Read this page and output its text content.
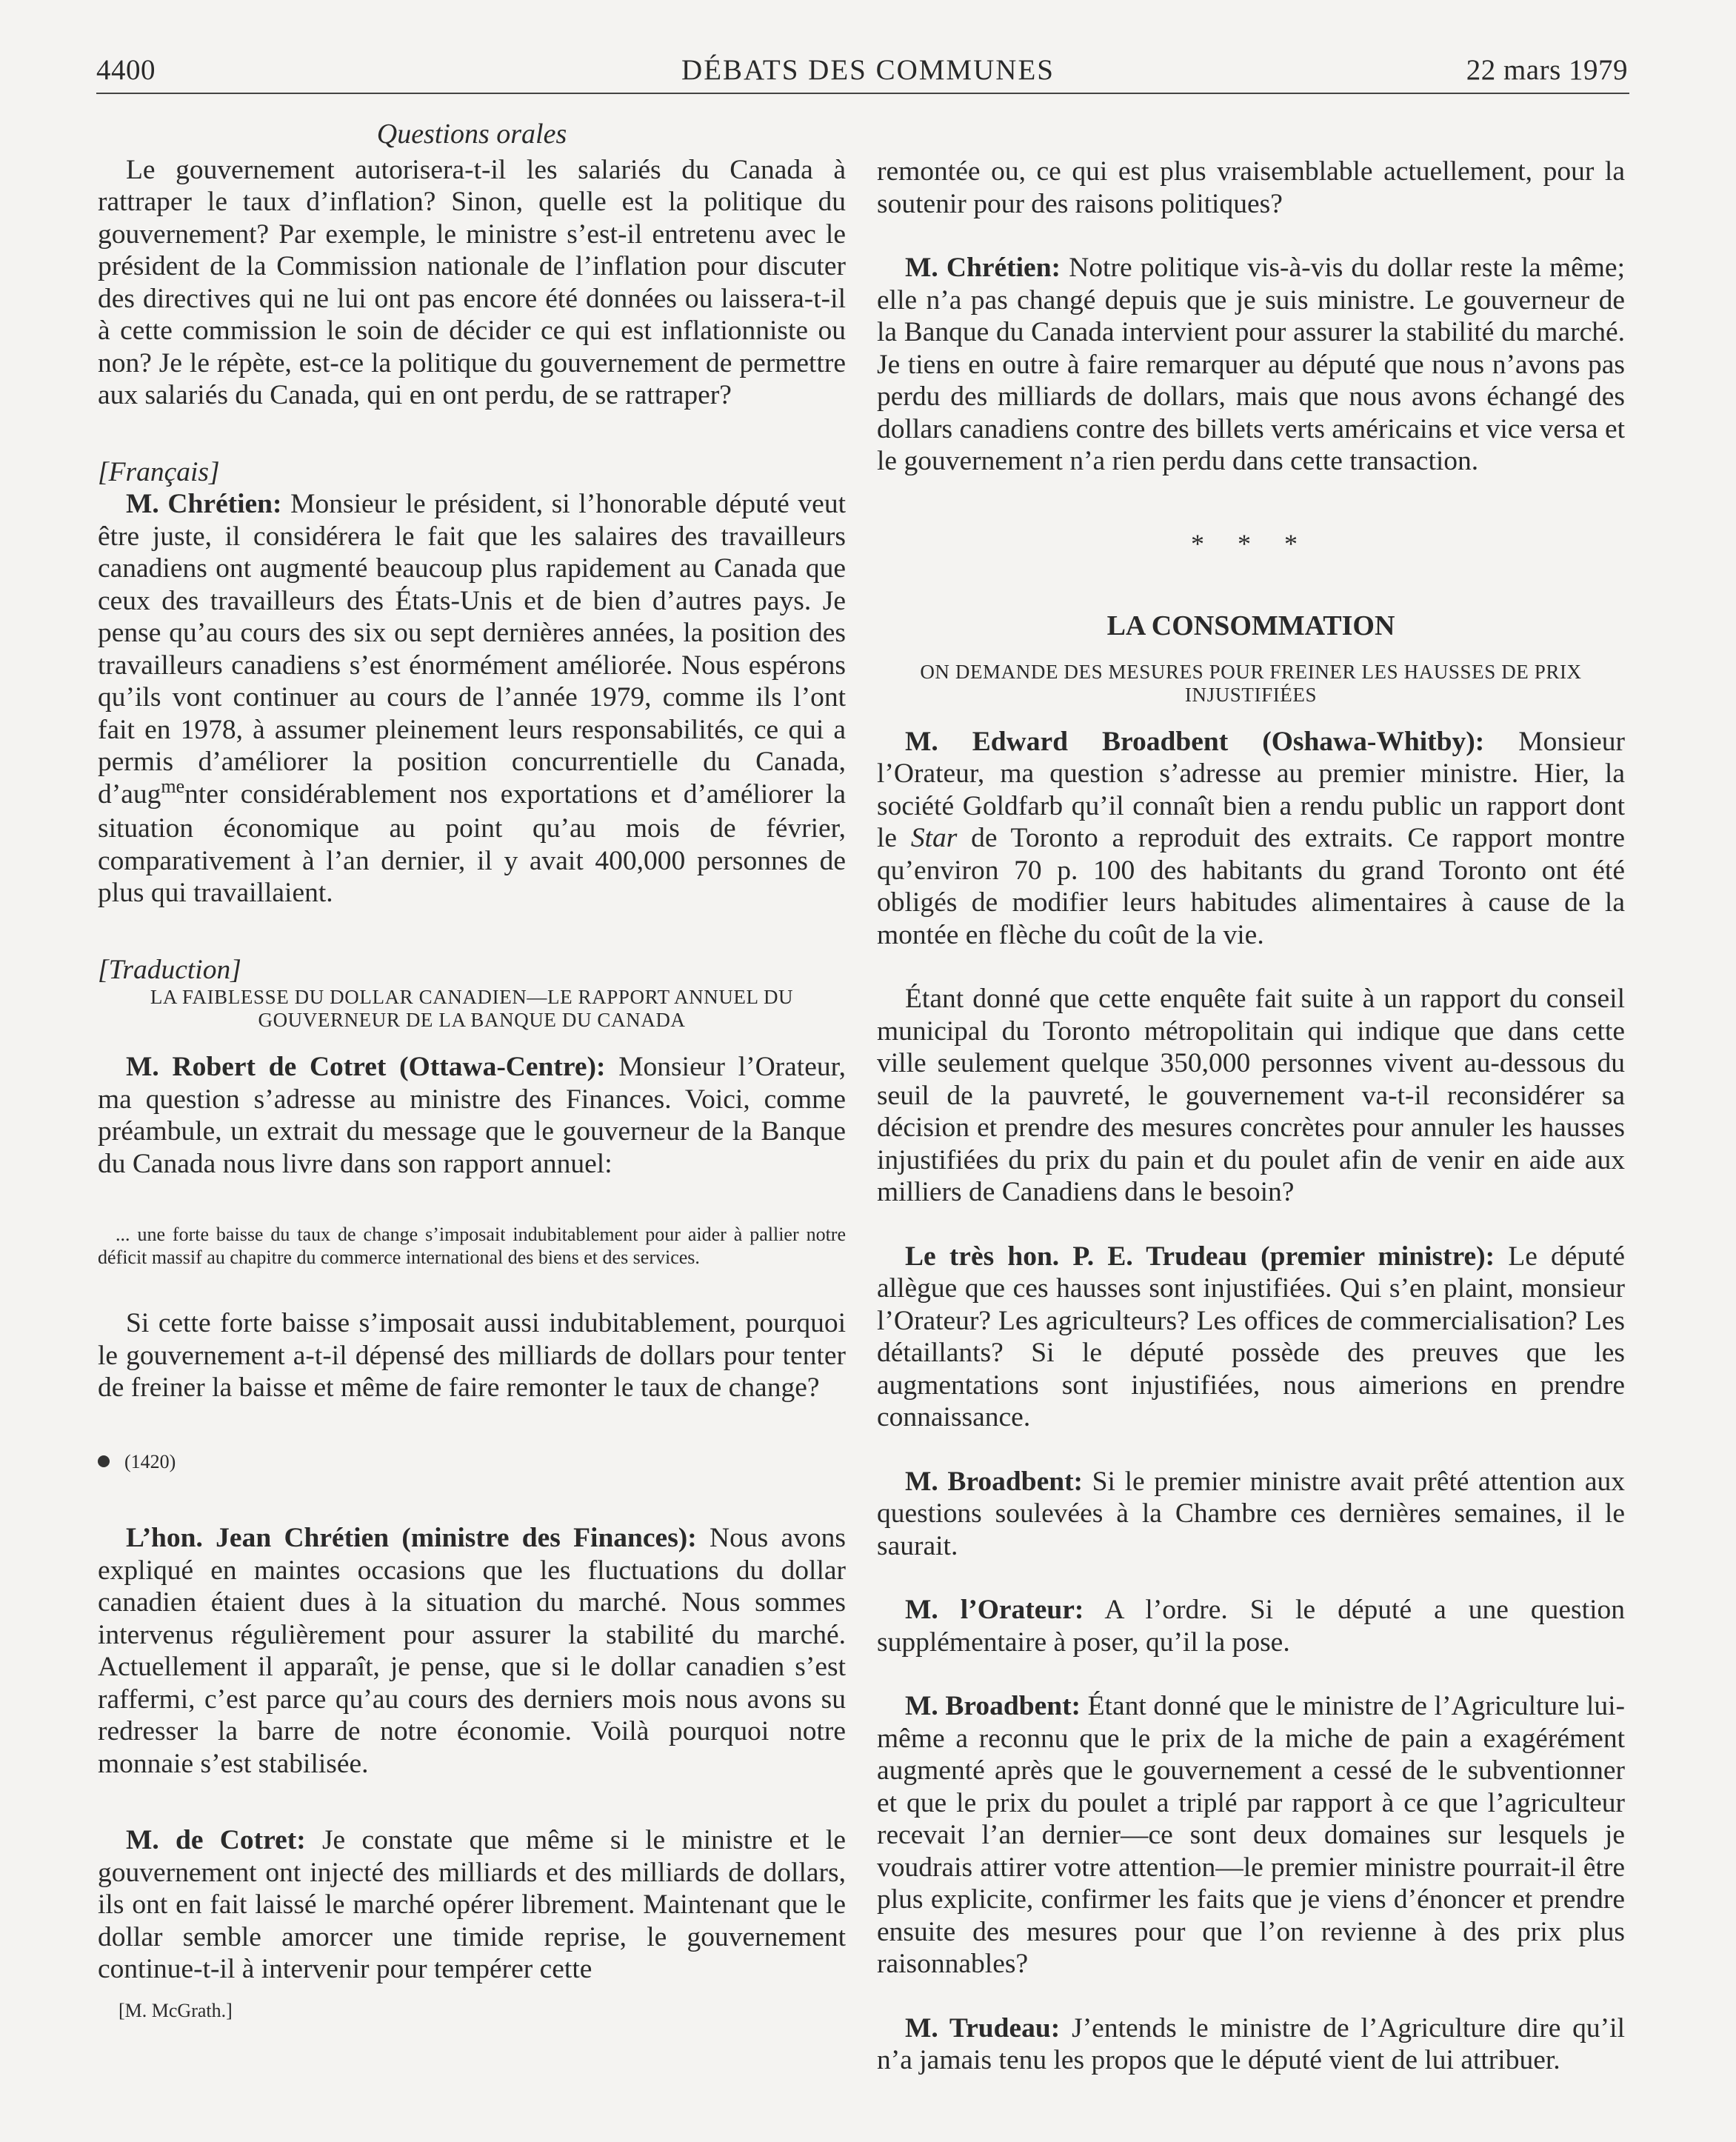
DÉBATS DES COMMUNES
4400	22 mars 1979

Questions orales

Le gouvernement autorisera-t-il les salariés du Canada à rattraper le taux d’inflation? Sinon, quelle est la politique du gouvernement? Par exemple, le ministre s’est-il entretenu avec le président de la Commission nationale de l’inflation pour discuter des directives qui ne lui ont pas encore été données ou laissera-t-il à cette commission le soin de décider ce qui est inflationniste ou non? Je le répète, est-ce la politique du gouvernement de permettre aux salariés du Canada, qui en ont perdu, de se rattraper?

[Français]

M. Chrétien: Monsieur le président, si l’honorable député veut être juste, il considérera le fait que les salaires des travailleurs canadiens ont augmenté beaucoup plus rapidement au Canada que ceux des travailleurs des États-Unis et de bien d’autres pays. Je pense qu’au cours des six ou sept dernières années, la position des travailleurs canadiens s’est énormément améliorée. Nous espérons qu’ils vont continuer au cours de l’année 1979, comme ils l’ont fait en 1978, à assumer pleinement leurs responsabilités, ce qui a permis d’améliorer la position concurrentielle du Canada, d’aug$^{me}$nter considérablement nos exportations et d’améliorer la situation économique au point qu’au mois de février, comparativement à l’an dernier, il y avait 400,000 personnes de plus qui travaillaient.

[Traduction]

LA FAIBLESSE DU DOLLAR CANADIEN—LE RAPPORT ANNUEL DU GOUVERNEUR DE LA BANQUE DU CANADA

M. Robert de Cotret (Ottawa-Centre): Monsieur l’Orateur, ma question s’adresse au ministre des Finances. Voici, comme préambule, un extrait du message que le gouverneur de la Banque du Canada nous livre dans son rapport annuel:

... une forte baisse du taux de change s’imposait indubitablement pour aider à pallier notre déficit massif au chapitre du commerce international des biens et des services.

Si cette forte baisse s’imposait aussi indubitablement, pourquoi le gouvernement a-t-il dépensé des milliards de dollars pour tenter de freiner la baisse et même de faire remonter le taux de change?

(1420)

L’hon. Jean Chrétien (ministre des Finances): Nous avons expliqué en maintes occasions que les fluctuations du dollar canadien étaient dues à la situation du marché. Nous sommes intervenus régulièrement pour assurer la stabilité du marché. Actuellement il apparaît, je pense, que si le dollar canadien s’est raffermi, c’est parce qu’au cours des derniers mois nous avons su redresser la barre de notre économie. Voilà pourquoi notre monnaie s’est stabilisée.

M. de Cotret: Je constate que même si le ministre et le gouvernement ont injecté des milliards et des milliards de dollars, ils ont en fait laissé le marché opérer librement. Maintenant que le dollar semble amorcer une timide reprise, le gouvernement continue-t-il à intervenir pour tempérer cette

[M. McGrath.]

remontée ou, ce qui est plus vraisemblable actuellement, pour la soutenir pour des raisons politiques?

M. Chrétien: Notre politique vis-à-vis du dollar reste la même; elle n’a pas changé depuis que je suis ministre. Le gouverneur de la Banque du Canada intervient pour assurer la stabilité du marché. Je tiens en outre à faire remarquer au député que nous n’avons pas perdu des milliards de dollars, mais que nous avons échangé des dollars canadiens contre des billets verts américains et vice versa et le gouvernement n’a rien perdu dans cette transaction.

* * *

LA CONSOMMATION

ON DEMANDE DES MESURES POUR FREINER LES HAUSSES DE PRIX INJUSTIFIÉES

M. Edward Broadbent (Oshawa-Whitby): Monsieur l’Orateur, ma question s’adresse au premier ministre. Hier, la société Goldfarb qu’il connaît bien a rendu public un rapport dont le Star de Toronto a reproduit des extraits. Ce rapport montre qu’environ 70 p. 100 des habitants du grand Toronto ont été obligés de modifier leurs habitudes alimentaires à cause de la montée en flèche du coût de la vie.

Étant donné que cette enquête fait suite à un rapport du conseil municipal du Toronto métropolitain qui indique que dans cette ville seulement quelque 350,000 personnes vivent au-dessous du seuil de la pauvreté, le gouvernement va-t-il reconsidérer sa décision et prendre des mesures concrètes pour annuler les hausses injustifiées du prix du pain et du poulet afin de venir en aide aux milliers de Canadiens dans le besoin?

Le très hon. P. E. Trudeau (premier ministre): Le député allègue que ces hausses sont injustifiées. Qui s’en plaint, monsieur l’Orateur? Les agriculteurs? Les offices de commercialisation? Les détaillants? Si le député possède des preuves que les augmentations sont injustifiées, nous aimerions en prendre connaissance.

M. Broadbent: Si le premier ministre avait prêté attention aux questions soulevées à la Chambre ces dernières semaines, il le saurait.

M. l’Orateur: A l’ordre. Si le député a une question supplémentaire à poser, qu’il la pose.

M. Broadbent: Étant donné que le ministre de l’Agriculture lui-même a reconnu que le prix de la miche de pain a exagérément augmenté après que le gouvernement a cessé de le subventionner et que le prix du poulet a triplé par rapport à ce que l’agriculteur recevait l’an dernier—ce sont deux domaines sur lesquels je voudrais attirer votre attention—le premier ministre pourrait-il être plus explicite, confirmer les faits que je viens d’énoncer et prendre ensuite des mesures pour que l’on revienne à des prix plus raisonnables?

M. Trudeau: J’entends le ministre de l’Agriculture dire qu’il n’a jamais tenu les propos que le député vient de lui attribuer.
